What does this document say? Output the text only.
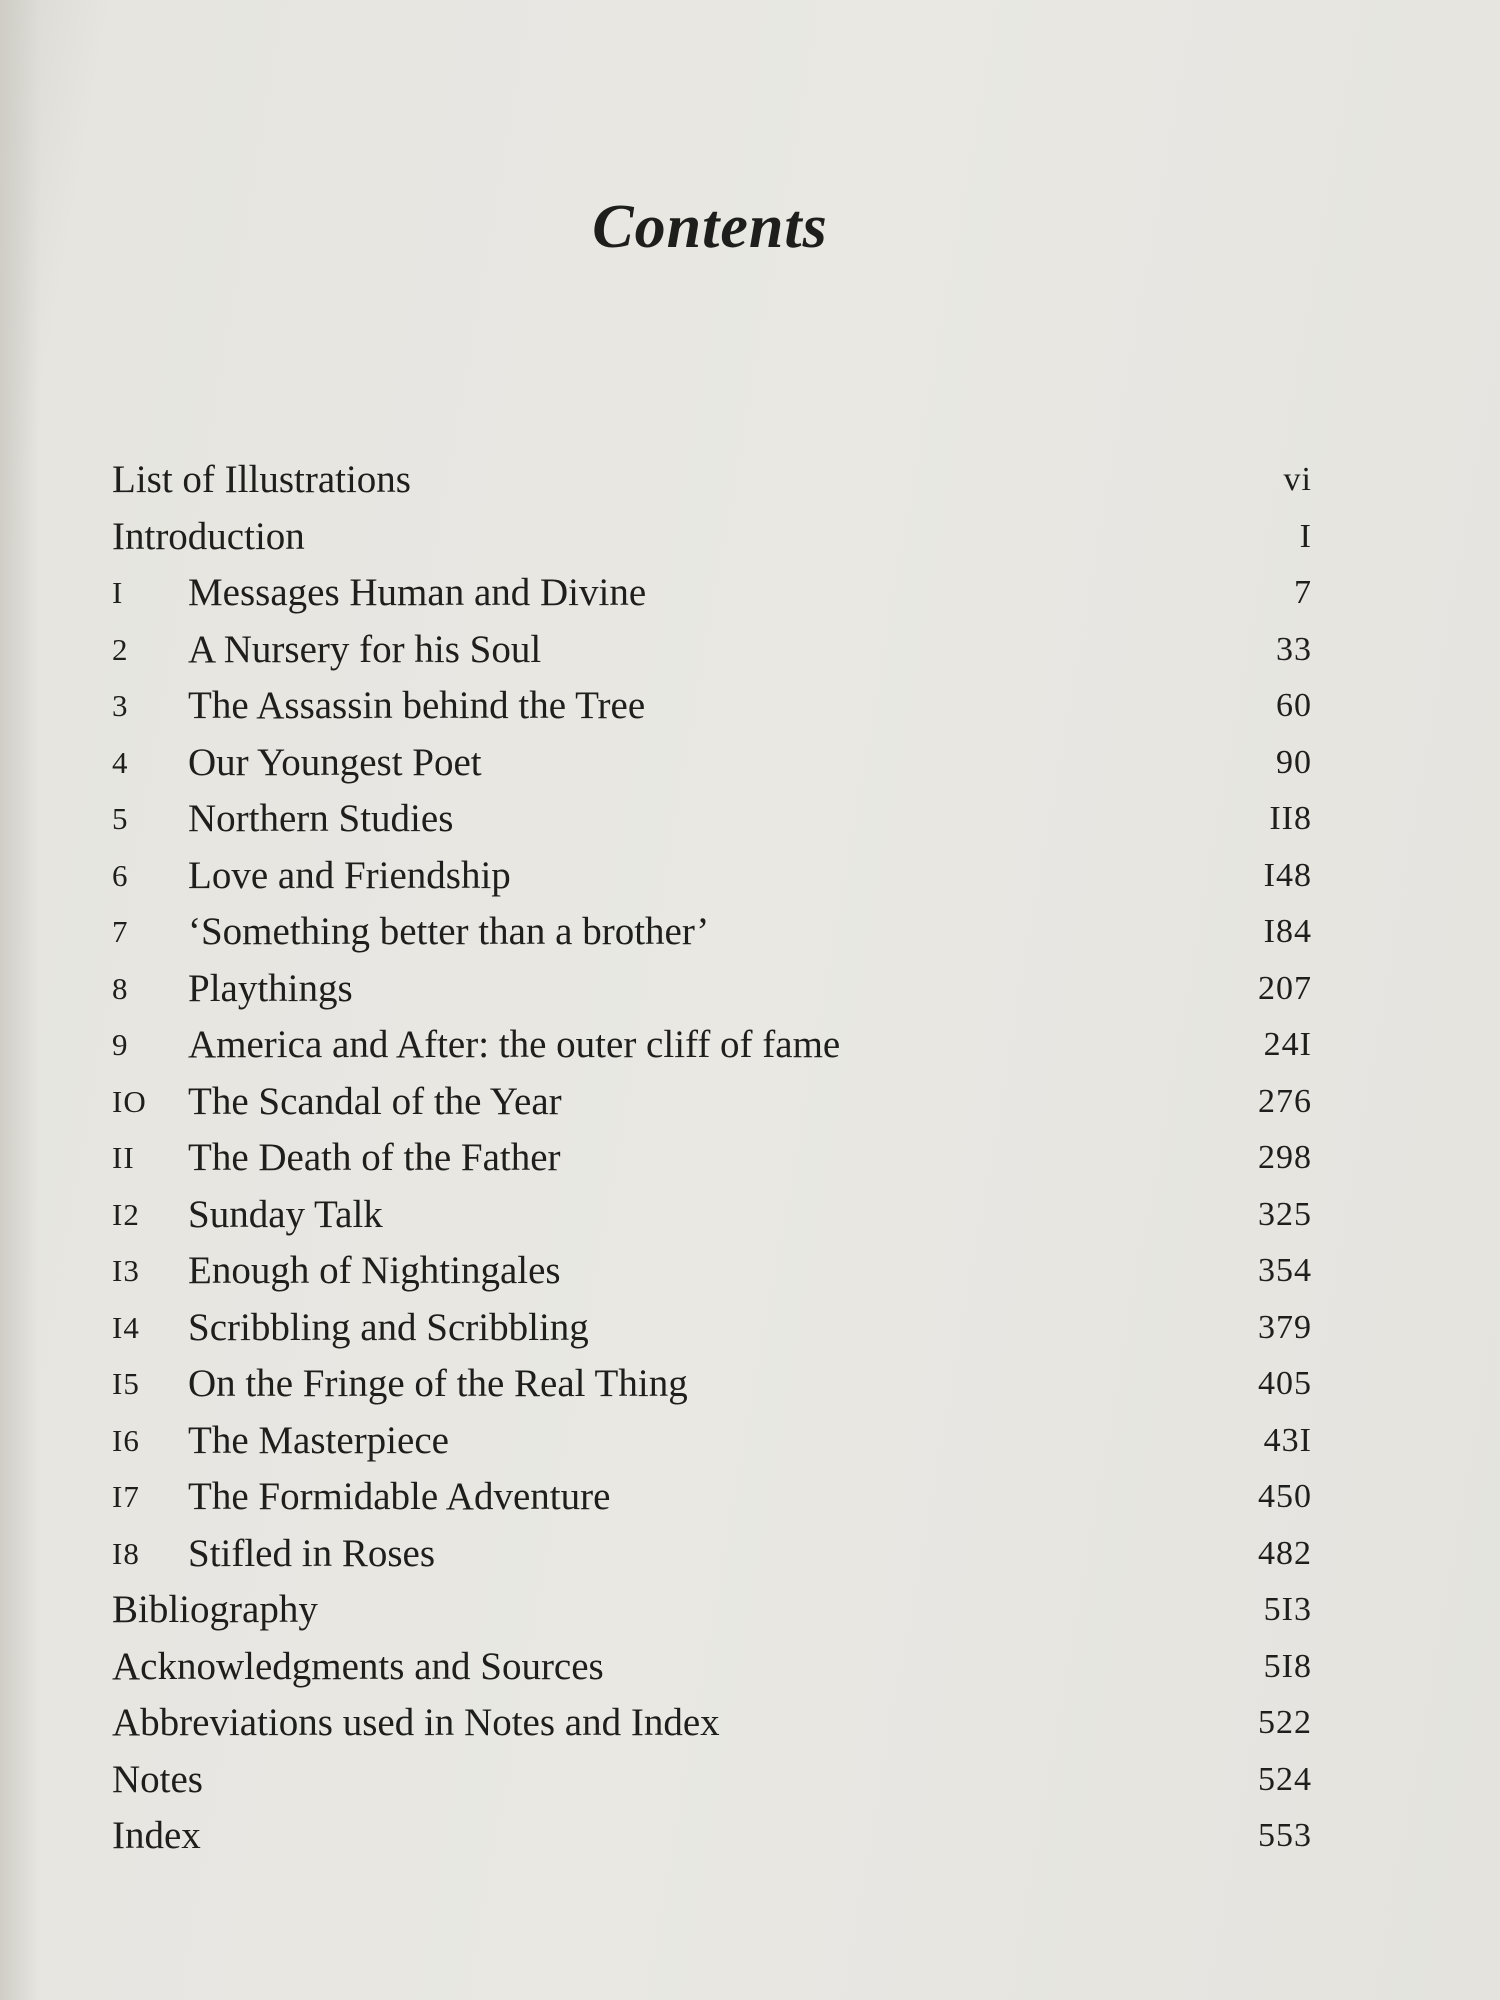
Contents
List of Illustrations	vi
Introduction	I
I	Messages Human and Divine	7
2	A Nursery for his Soul	33
3	The Assassin behind the Tree	60
4	Our Youngest Poet	90
5	Northern Studies	II8
6	Love and Friendship	I48
7	‘Something better than a brother’	I84
8	Playthings	207
9	America and After: the outer cliff of fame	24I
IO	The Scandal of the Year	276
II	The Death of the Father	298
I2	Sunday Talk	325
I3	Enough of Nightingales	354
I4	Scribbling and Scribbling	379
I5	On the Fringe of the Real Thing	405
I6	The Masterpiece	43I
I7	The Formidable Adventure	450
I8	Stifled in Roses	482
Bibliography	5I3
Acknowledgments and Sources	5I8
Abbreviations used in Notes and Index	522
Notes	524
Index	553
